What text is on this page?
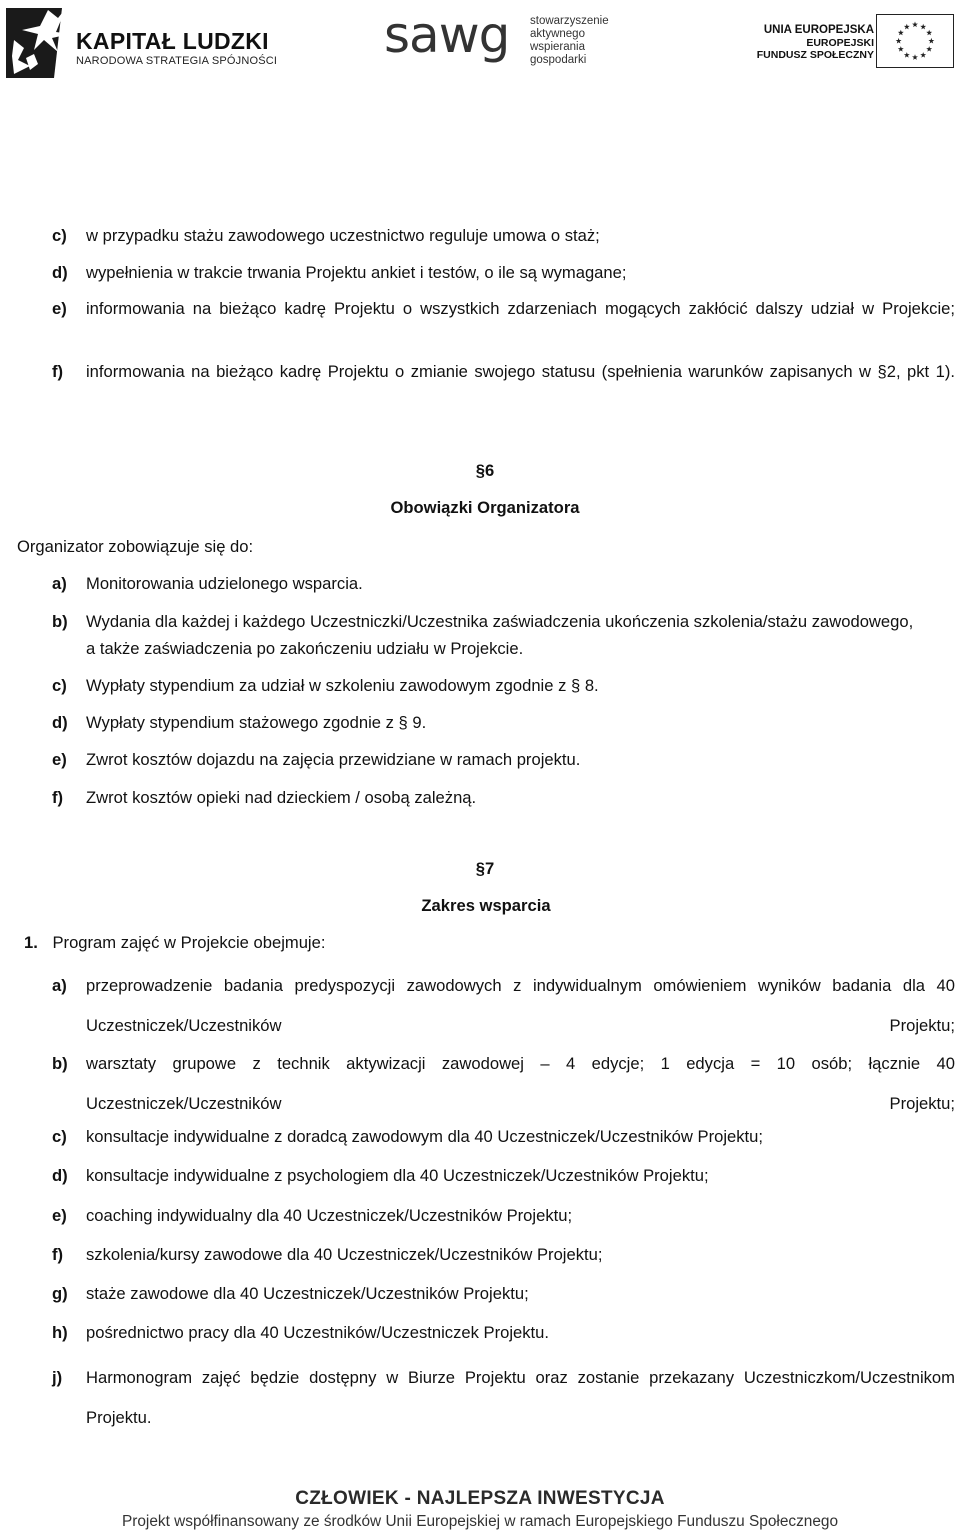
KAPITAŁ LUDZKI
NARODOWA STRATEGIA SPÓJNOŚCI sawg stowarzyszenie
aktywnego
wspierania
gospodarki
UNIA EUROPEJSKA
EUROPEJSKI
FUNDUSZ SPOŁECZNY
c) w przypadku stażu zawodowego uczestnictwo reguluje umowa o staż;
d) wypełnienia w trakcie trwania Projektu ankiet i testów, o ile są wymagane;
e) informowania na bieżąco kadrę Projektu o wszystkich zdarzeniach mogących zakłócić dalszy udział w Projekcie;
f) informowania na bieżąco kadrę Projektu o zmianie swojego statusu (spełnienia warunków zapisanych w §2, pkt 1).
§6
Obowiązki Organizatora
Organizator zobowiązuje się do:
a) Monitorowania udzielonego wsparcia.
b) Wydania dla każdej i każdego Uczestniczki/Uczestnika zaświadczenia ukończenia szkolenia/stażu zawodowego, a także zaświadczenia po zakończeniu udziału w Projekcie.
c) Wypłaty stypendium za udział w szkoleniu zawodowym zgodnie z § 8.
d) Wypłaty stypendium stażowego zgodnie z § 9.
e) Zwrot kosztów dojazdu na zajęcia przewidziane w ramach projektu.
f) Zwrot kosztów opieki nad dzieckiem / osobą zależną.
§7
Zakres wsparcia
1. Program zajęć w Projekcie obejmuje:
a) przeprowadzenie badania predyspozycji zawodowych z indywidualnym omówieniem wyników badania dla 40 Uczestniczek/Uczestników Projektu;
b) warsztaty grupowe z technik aktywizacji zawodowej – 4 edycje; 1 edycja = 10 osób; łącznie 40 Uczestniczek/Uczestników Projektu;
c) konsultacje indywidualne z doradcą zawodowym dla 40 Uczestniczek/Uczestników Projektu;
d) konsultacje indywidualne z psychologiem dla 40 Uczestniczek/Uczestników Projektu;
e) coaching indywidualny dla 40 Uczestniczek/Uczestników Projektu;
f) szkolenia/kursy zawodowe dla 40 Uczestniczek/Uczestników Projektu;
g) staże zawodowe dla 40 Uczestniczek/Uczestników Projektu;
h) pośrednictwo pracy dla 40 Uczestników/Uczestniczek Projektu.
j) Harmonogram zajęć będzie dostępny w Biurze Projektu oraz zostanie przekazany Uczestniczkom/Uczestnikom Projektu.
CZŁOWIEK - NAJLEPSZA INWESTYCJA
Projekt współfinansowany ze środków Unii Europejskiej w ramach Europejskiego Funduszu Społecznego
